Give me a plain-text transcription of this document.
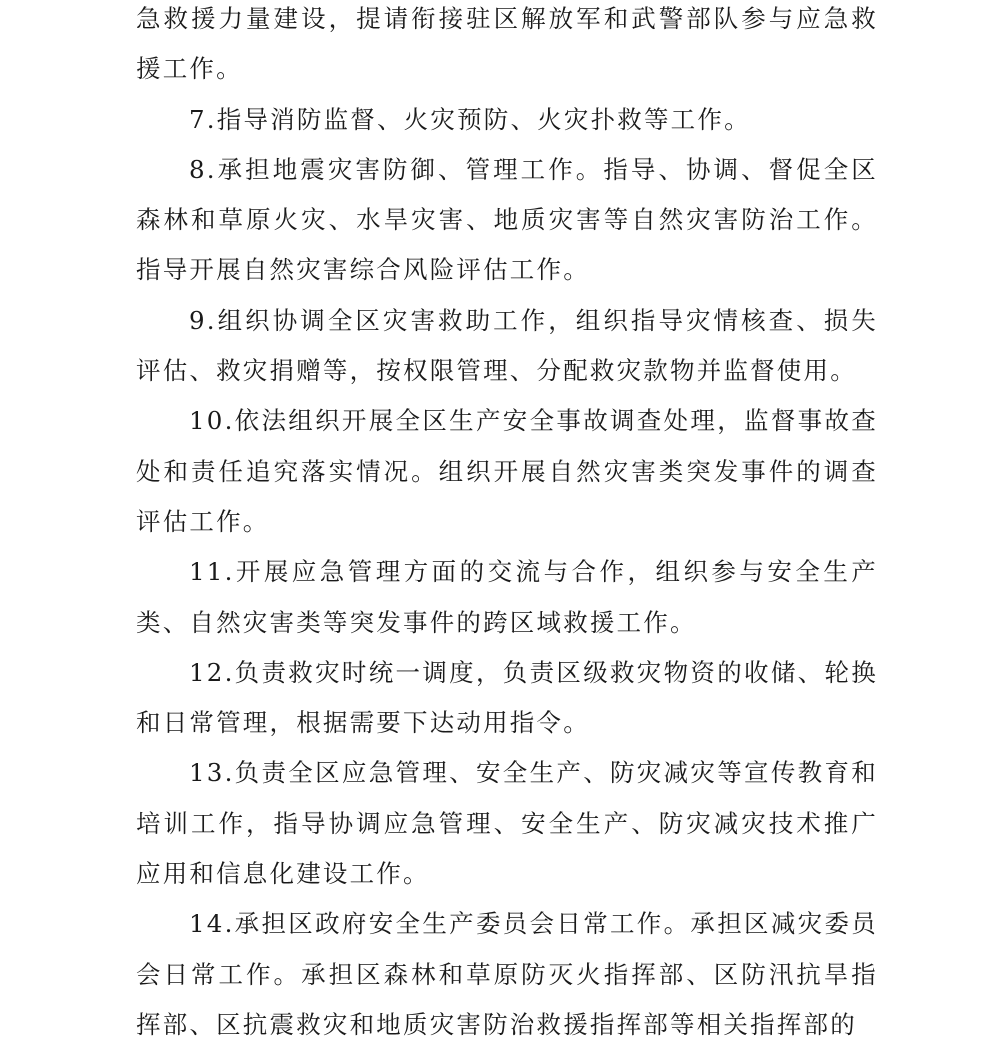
急救援力量建设，提请衔接驻区解放军和武警部队参与应急救援工作。

7.指导消防监督、火灾预防、火灾扑救等工作。

8.承担地震灾害防御、管理工作。指导、协调、督促全区森林和草原火灾、水旱灾害、地质灾害等自然灾害防治工作。指导开展自然灾害综合风险评估工作。

9.组织协调全区灾害救助工作，组织指导灾情核查、损失评估、救灾捐赠等，按权限管理、分配救灾款物并监督使用。

10.依法组织开展全区生产安全事故调查处理，监督事故查处和责任追究落实情况。组织开展自然灾害类突发事件的调查评估工作。

11.开展应急管理方面的交流与合作，组织参与安全生产类、自然灾害类等突发事件的跨区域救援工作。

12.负责救灾时统一调度，负责区级救灾物资的收储、轮换和日常管理，根据需要下达动用指令。

13.负责全区应急管理、安全生产、防灾减灾等宣传教育和培训工作，指导协调应急管理、安全生产、防灾减灾技术推广应用和信息化建设工作。

14.承担区政府安全生产委员会日常工作。承担区减灾委员会日常工作。承担区森林和草原防灭火指挥部、区防汛抗旱指挥部、区抗震救灾和地质灾害防治救援指挥部等相关指挥部的
